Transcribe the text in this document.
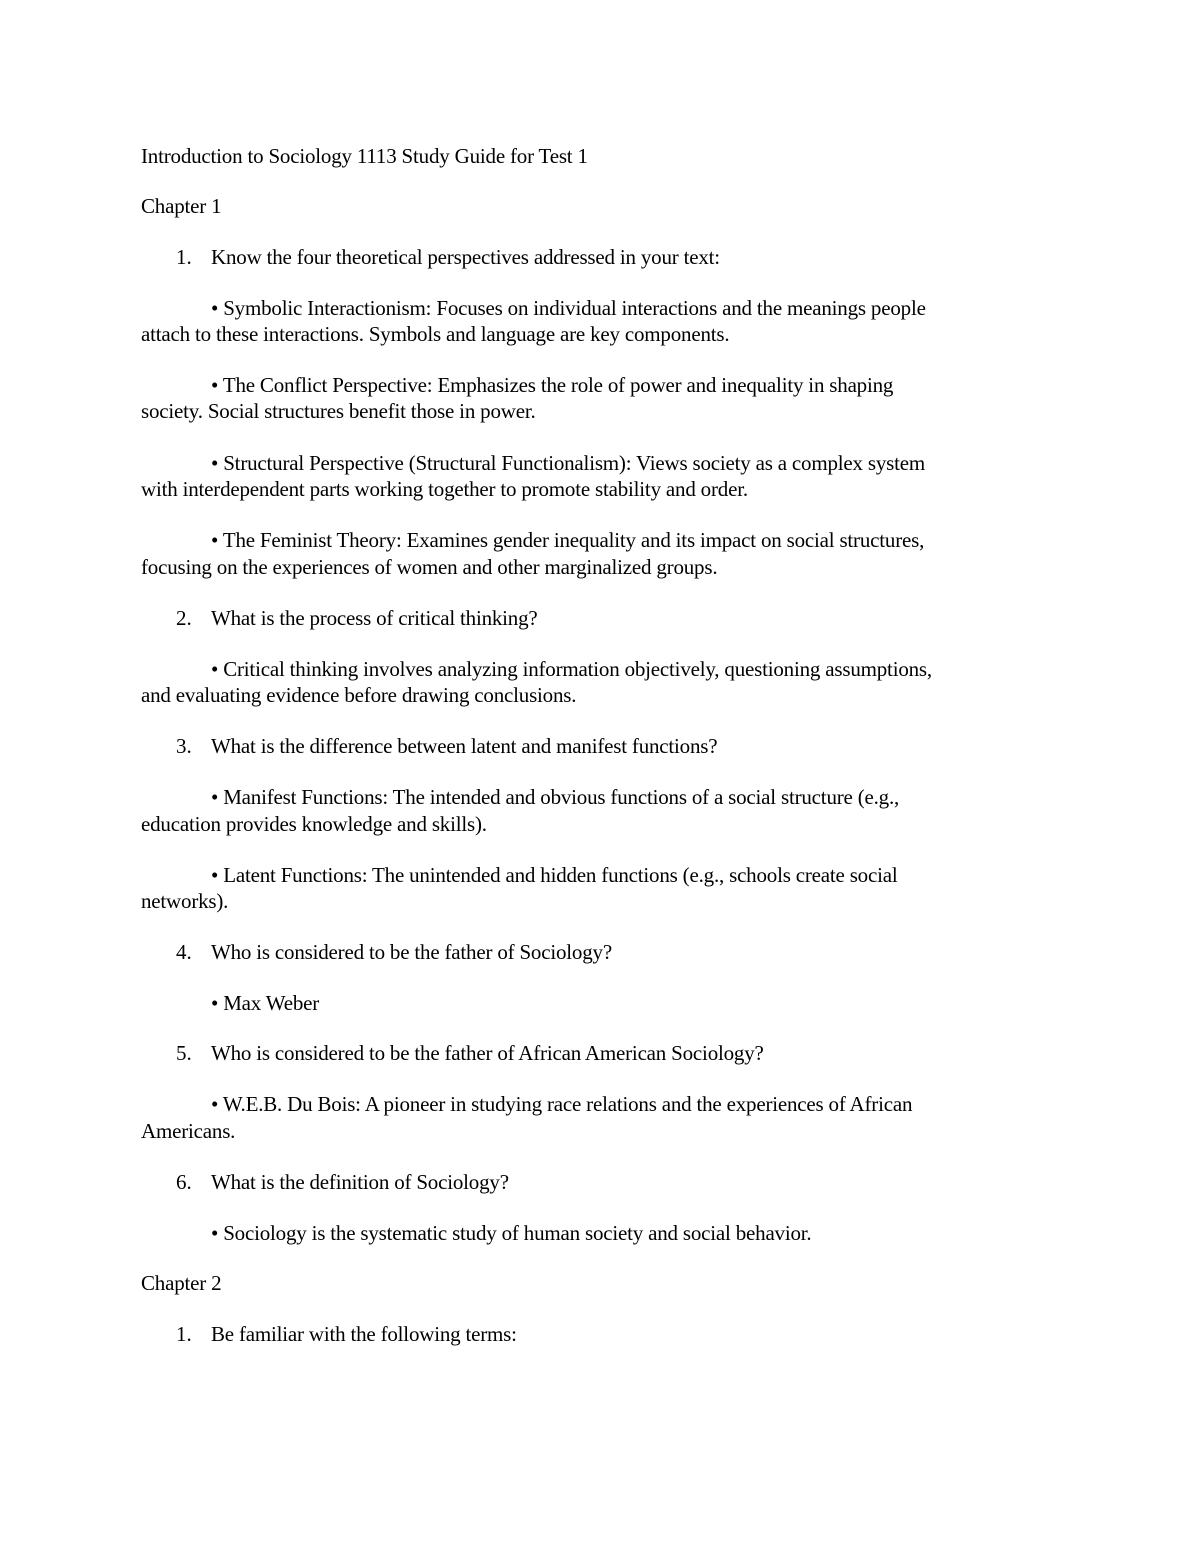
Introduction to Sociology 1113 Study Guide for Test 1
Chapter 1
1. Know the four theoretical perspectives addressed in your text:
• Symbolic Interactionism: Focuses on individual interactions and the meanings people
attach to these interactions. Symbols and language are key components.
• The Conflict Perspective: Emphasizes the role of power and inequality in shaping
society. Social structures benefit those in power.
• Structural Perspective (Structural Functionalism): Views society as a complex system
with interdependent parts working together to promote stability and order.
• The Feminist Theory: Examines gender inequality and its impact on social structures,
focusing on the experiences of women and other marginalized groups.
2. What is the process of critical thinking?
• Critical thinking involves analyzing information objectively, questioning assumptions,
and evaluating evidence before drawing conclusions.
3. What is the difference between latent and manifest functions?
• Manifest Functions: The intended and obvious functions of a social structure (e.g.,
education provides knowledge and skills).
• Latent Functions: The unintended and hidden functions (e.g., schools create social
networks).
4. Who is considered to be the father of Sociology?
• Max Weber
5. Who is considered to be the father of African American Sociology?
• W.E.B. Du Bois: A pioneer in studying race relations and the experiences of African
Americans.
6. What is the definition of Sociology?
• Sociology is the systematic study of human society and social behavior.
Chapter 2
1. Be familiar with the following terms:
